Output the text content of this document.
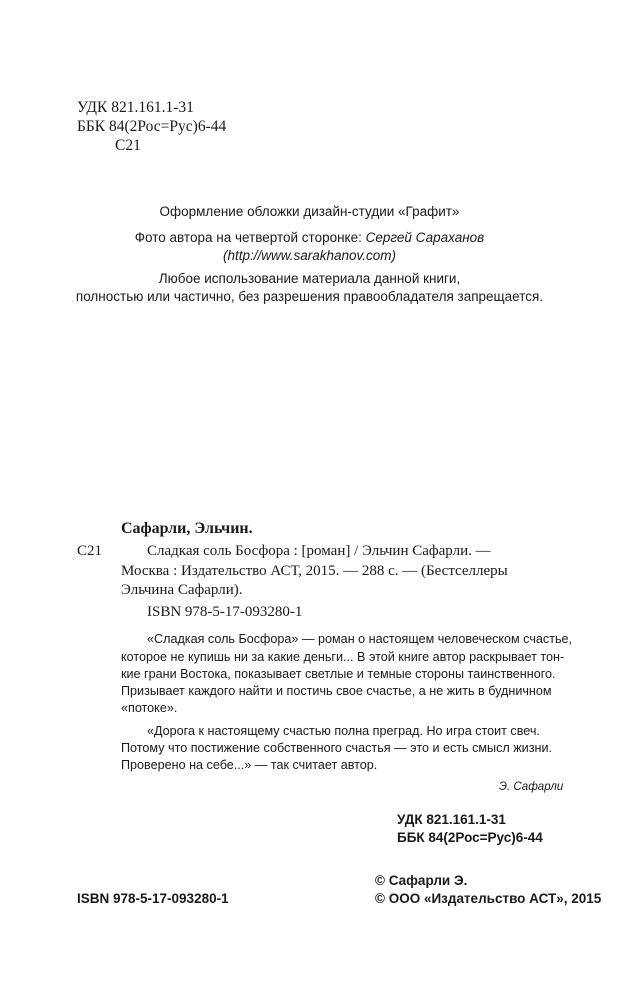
УДК 821.161.1-31
ББК 84(2Рос=Рус)6-44
С21
Оформление обложки дизайн-студии «Графит»
Фото автора на четвертой сторонке: Сергей Сараханов
(http://www.sarakhanov.com)
Любое использование материала данной книги,
полностью или частично, без разрешения правообладателя запрещается.
Сафарли, Эльчин.
С21	Сладкая соль Босфора : [роман] / Эльчин Сафарли. —
Москва : Издательство АСТ, 2015. — 288 с. — (Бестселлеры
Эльчина Сафарли).
ISBN 978-5-17-093280-1
«Сладкая соль Босфора» — роман о настоящем человеческом счастье,
которое не купишь ни за какие деньги... В этой книге автор раскрывает тон-
кие грани Востока, показывает светлые и темные стороны таинственного.
Призывает каждого найти и постичь свое счастье, а не жить в будничном
«потоке».
«Дорога к настоящему счастью полна преград. Но игра стоит свеч.
Потому что постижение собственного счастья — это и есть смысл жизни.
Проверено на себе...» — так считает автор.
Э. Сафарли
УДК 821.161.1-31
ББК 84(2Рос=Рус)6-44
© Сафарли Э.
ISBN 978-5-17-093280-1	© ООО «Издательство АСТ», 2015
